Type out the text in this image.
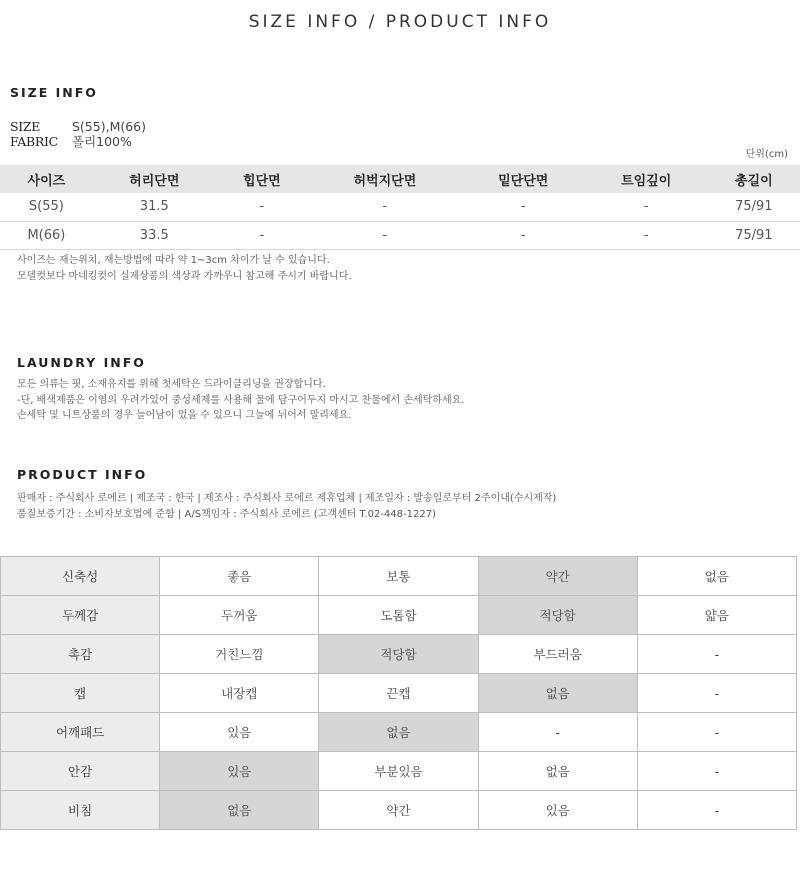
SIZE INFO / PRODUCT INFO
SIZE INFO
SIZE	S(55),M(66)
FABRIC	폴리100%
단위(cm)
사이즈	허리단면	힙단면	허벅지단면	밑단단면	트임깊이	총길이
S(55)	31.5	-	-	-	-	75/91
M(66)	33.5	-	-	-	-	75/91
사이즈는 재는위치, 재는방법에 따라 약 1~3cm 차이가 날 수 있습니다.
모델컷보다 마네킹컷이 실제상품의 색상과 가까우니 참고해 주시기 바랍니다.
LAUNDRY INFO
모든 의류는 핏, 소재유지를 위해 첫세탁은 드라이클리닝을 권장합니다.
-단, 배색제품은 이염의 우려가있어 중성세제를 사용해 물에 담구어두지 마시고 찬물에서 손세탁하세요.
손세탁 및 니트상품의 경우 늘어남이 었을 수 있으니 그늘에 뉘어서 말리세요.
PRODUCT INFO
판매자 : 주식회사 로에르 | 제조국 : 한국 | 제조사 : 주식회사 로에르 제휴업체 | 제조일자 : 발송일로부터 2주이내(수시제작)
품질보증기간 : 소비자보호법에 준함 | A/S책임자 : 주식회사 로에르 (고객센터 T.02-448-1227)
신축성	좋음	보통	약간	없음
두께감	두꺼움	도톰함	적당함	얇음
촉감	거친느낌	적당함	부드러움	-
캡	내장캡	끈캡	없음	-
어깨패드	있음	없음	-	-
안감	있음	부분있음	없음	-
비침	없음	약간	있음	-
